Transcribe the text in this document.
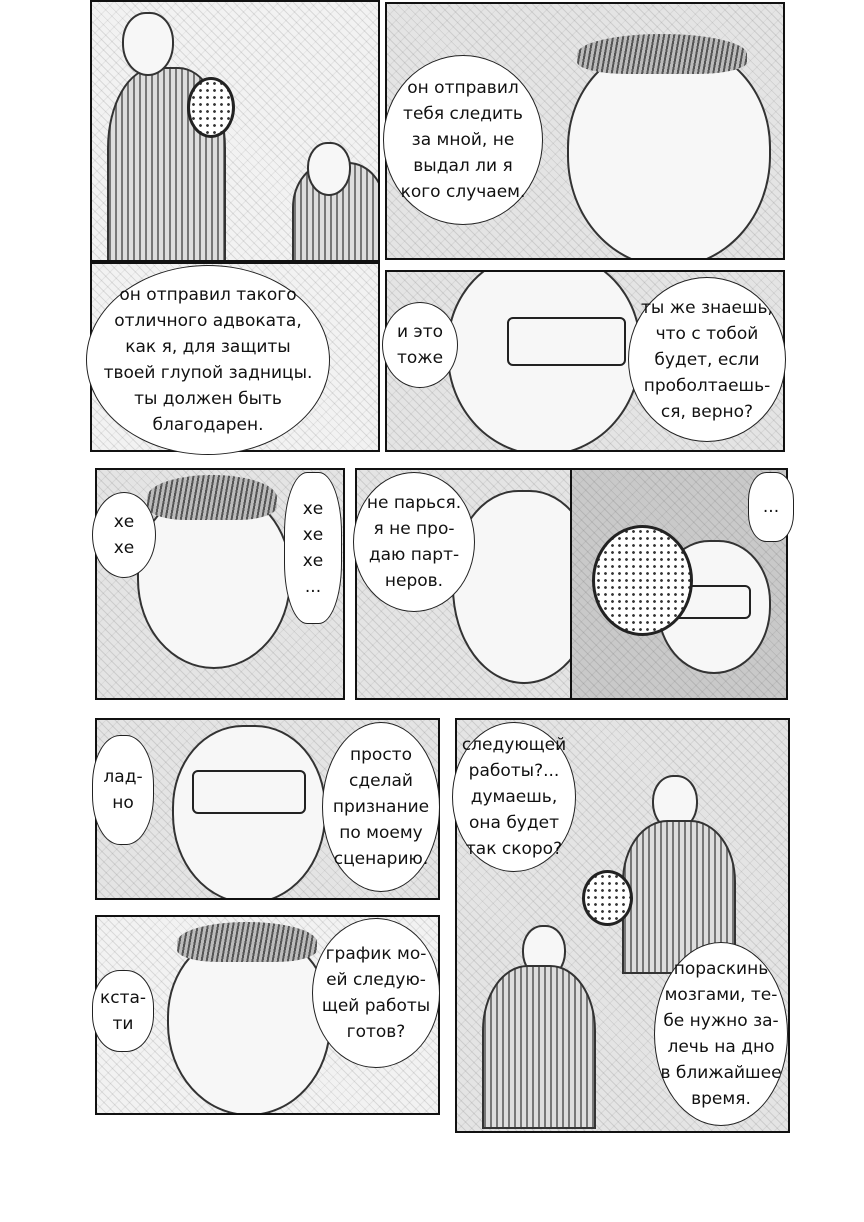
он отправил
тебя следить
за мной, не
выдал ли я
кого случаем.
он отправил такого
отличного адвоката,
как я, для защиты
твоей глупой задницы.
ты должен быть
благодарен.
и это
тоже
ты же знаешь,
что с тобой
будет, если
проболтаешь-
ся, верно?
хе
хе
хе
хе
хе
...
не парься.
я не про-
даю парт-
неров.
...
лад-
но
просто
сделай
признание
по моему
сценарию.
следующей
работы?...
думаешь,
она будет
так скоро?
пораскинь
мозгами, те-
бе нужно за-
лечь на дно
в ближайшее
время.
кста-
ти
график мо-
ей следую-
щей работы
готов?
